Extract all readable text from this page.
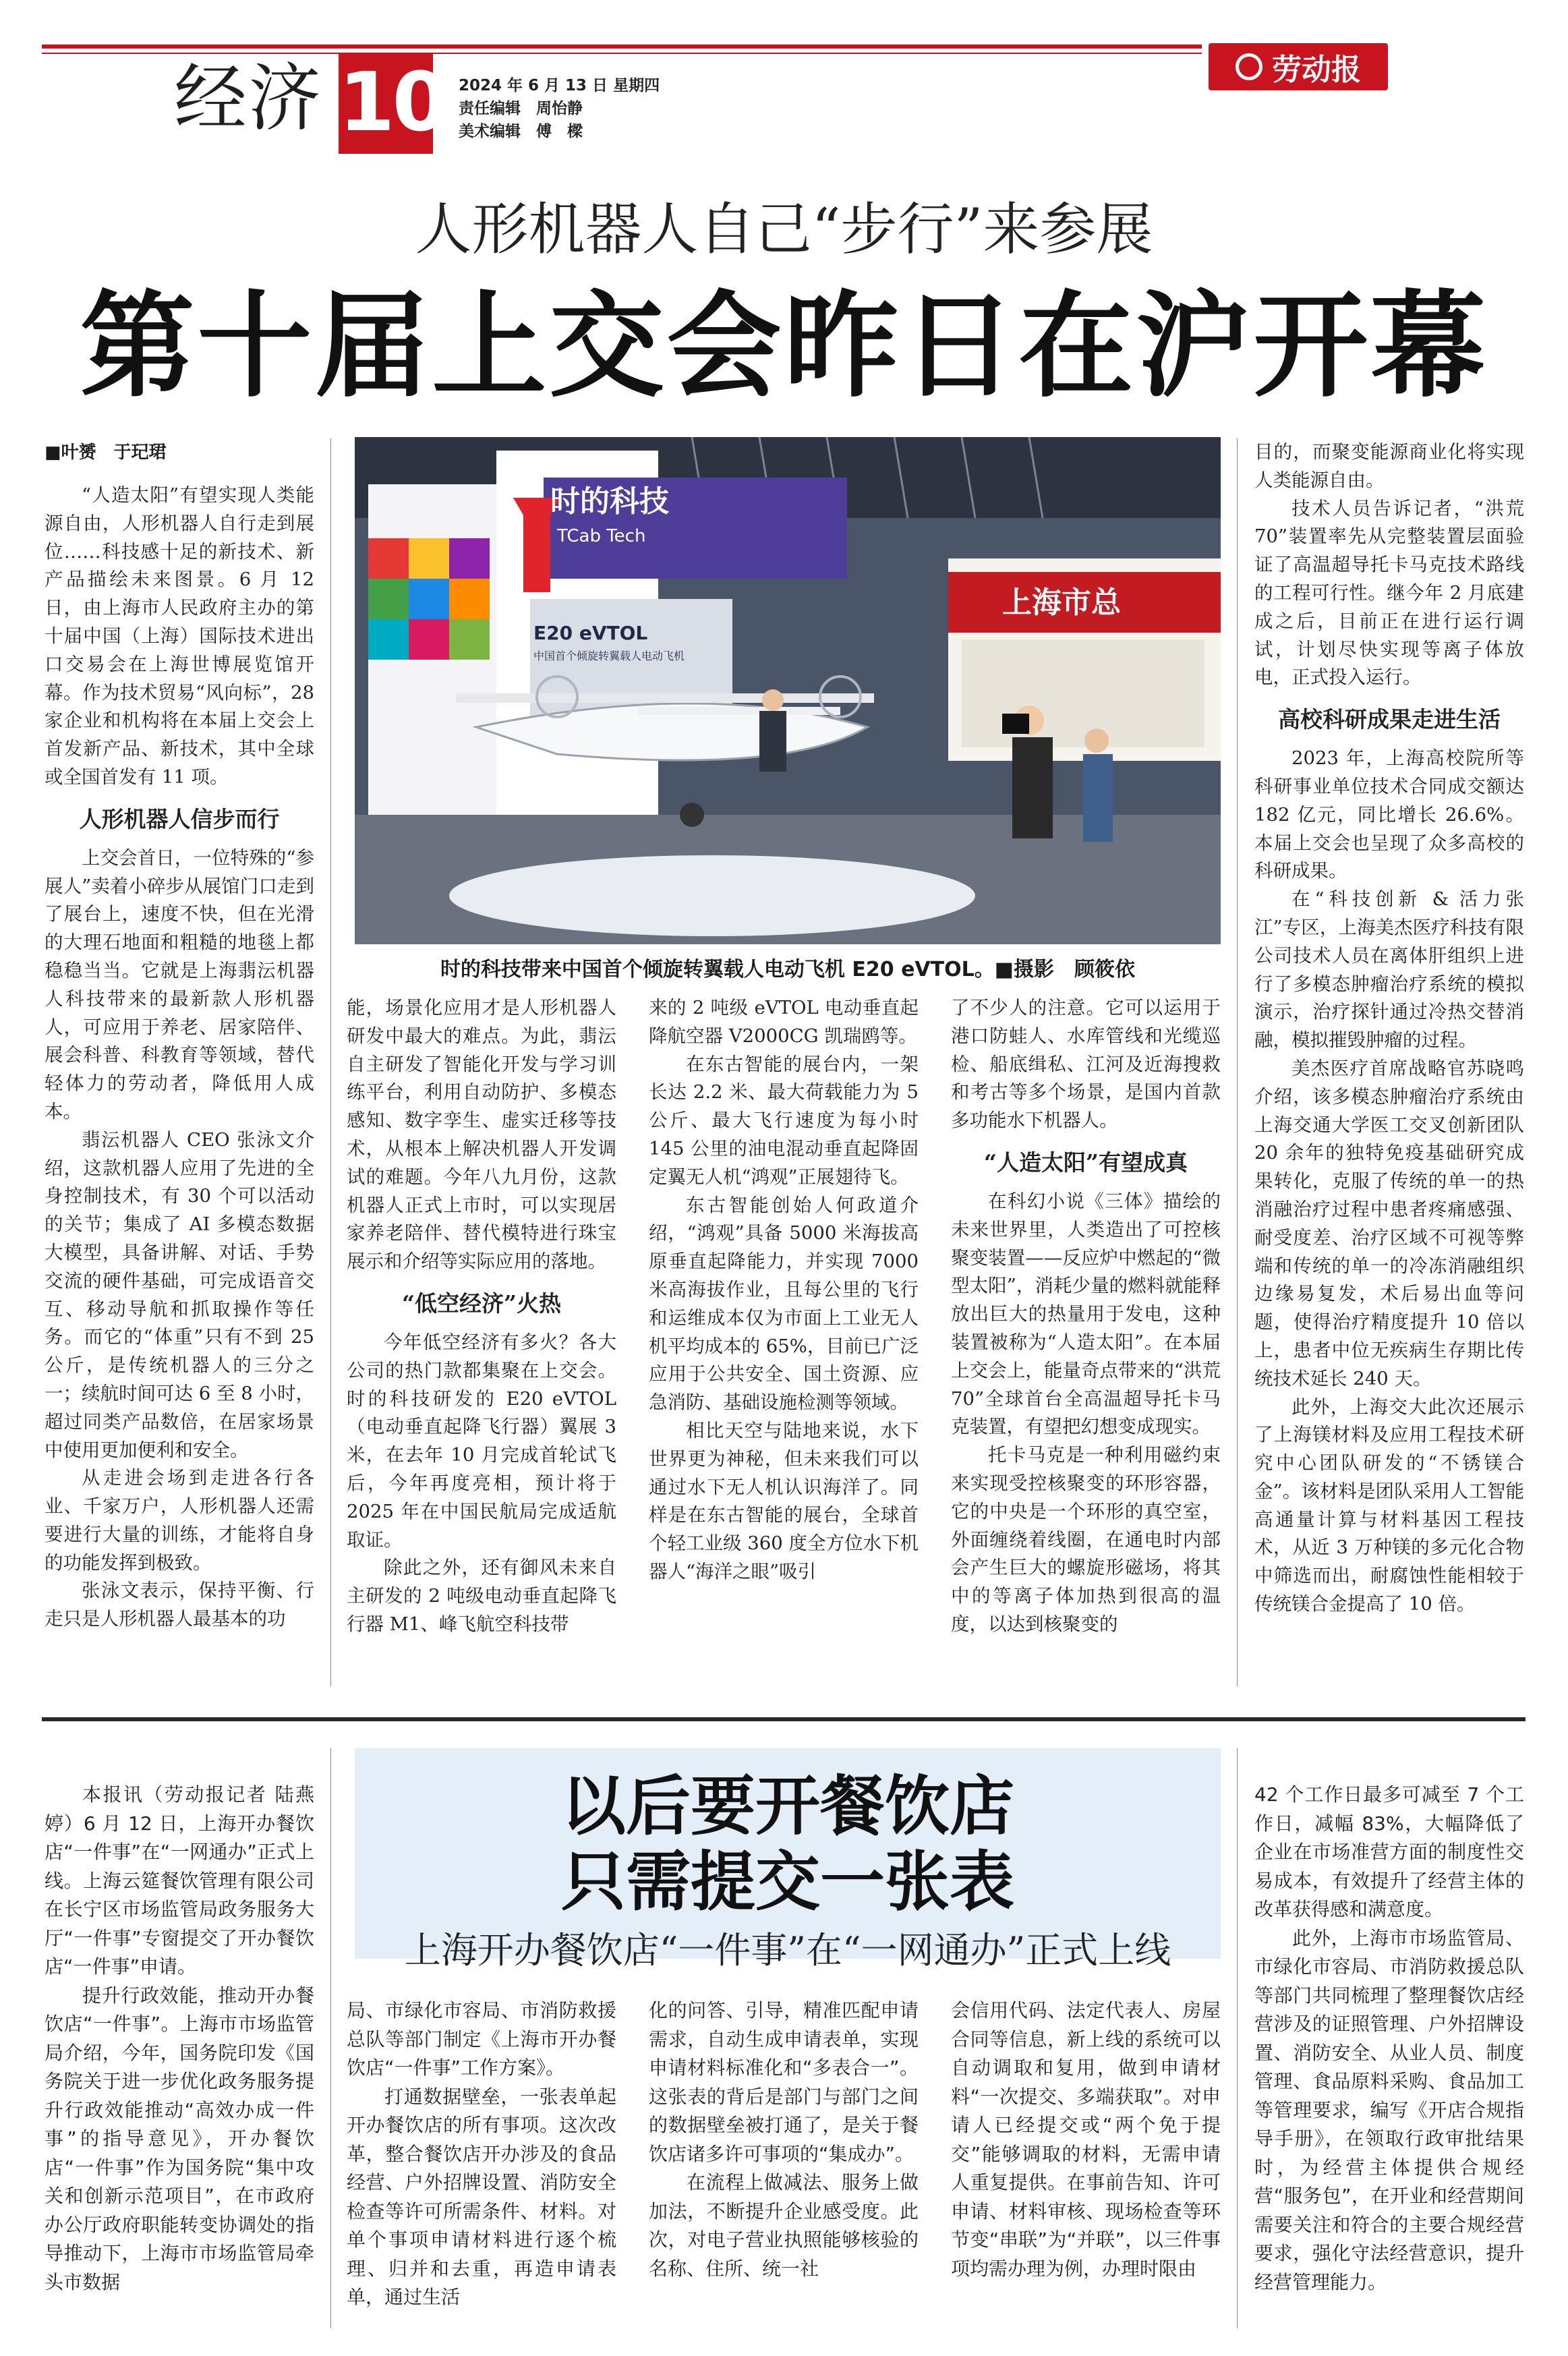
经济 10 2024 年 6 月 13 日 星期四
责任编辑　周怡静
美术编辑　傅　樑
劳动报
人形机器人自己“步行”来参展
第十届上交会昨日在沪开幕
■叶赟　于玘珺
时的科技
TCab Tech
E20 eVTOL
中国首个倾旋转翼载人电动飞机
上海市总
时的科技带来中国首个倾旋转翼载人电动飞机 E20 eVTOL。■摄影　顾筱依

“人造太阳”有望实现人类能源自由，人形机器人自行走到展位……科技感十足的新技术、新产品描绘未来图景。6 月 12 日，由上海市人民政府主办的第十届中国（上海）国际技术进出口交易会在上海世博展览馆开幕。作为技术贸易“风向标”，28 家企业和机构将在本届上交会上首发新产品、新技术，其中全球或全国首发有 11 项。

人形机器人信步而行

上交会首日，一位特殊的“参展人”卖着小碎步从展馆门口走到了展台上，速度不快，但在光滑的大理石地面和粗糙的地毯上都稳稳当当。它就是上海翡沄机器人科技带来的最新款人形机器人，可应用于养老、居家陪伴、展会科普、科教育等领域，替代轻体力的劳动者，降低用人成本。

翡沄机器人 CEO 张泳文介绍，这款机器人应用了先进的全身控制技术，有 30 个可以活动的关节；集成了 AI 多模态数据大模型，具备讲解、对话、手势交流的硬件基础，可完成语音交互、移动导航和抓取操作等任务。而它的“体重”只有不到 25 公斤，是传统机器人的三分之一；续航时间可达 6 至 8 小时，超过同类产品数倍，在居家场景中使用更加便利和安全。

从走进会场到走进各行各业、千家万户，人形机器人还需要进行大量的训练，才能将自身的功能发挥到极致。

张泳文表示，保持平衡、行走只是人形机器人最基本的功

能，场景化应用才是人形机器人研发中最大的难点。为此，翡沄自主研发了智能化开发与学习训练平台，利用自动防护、多模态感知、数字孪生、虚实迁移等技术，从根本上解决机器人开发调试的难题。今年八九月份，这款机器人正式上市时，可以实现居家养老陪伴、替代模特进行珠宝展示和介绍等实际应用的落地。

“低空经济”火热

今年低空经济有多火？各大公司的热门款都集聚在上交会。时的科技研发的 E20 eVTOL（电动垂直起降飞行器）翼展 3 米，在去年 10 月完成首轮试飞后，今年再度亮相，预计将于 2025 年在中国民航局完成适航取证。

除此之外，还有御风未来自主研发的 2 吨级电动垂直起降飞行器 M1、峰飞航空科技带

来的 2 吨级 eVTOL 电动垂直起降航空器 V2000CG 凯瑞鸥等。

在东古智能的展台内，一架长达 2.2 米、最大荷载能力为 5 公斤、最大飞行速度为每小时 145 公里的油电混动垂直起降固定翼无人机“鸿观”正展翅待飞。

东古智能创始人何政道介绍，“鸿观”具备 5000 米海拔高原垂直起降能力，并实现 7000 米高海拔作业，且每公里的飞行和运维成本仅为市面上工业无人机平均成本的 65%，目前已广泛应用于公共安全、国土资源、应急消防、基础设施检测等领域。

相比天空与陆地来说，水下世界更为神秘，但未来我们可以通过水下无人机认识海洋了。同样是在东古智能的展台，全球首个轻工业级 360 度全方位水下机器人“海洋之眼”吸引

了不少人的注意。它可以运用于港口防蛙人、水库管线和光缆巡检、船底缉私、江河及近海搜救和考古等多个场景，是国内首款多功能水下机器人。

“人造太阳”有望成真

在科幻小说《三体》描绘的未来世界里，人类造出了可控核聚变装置——反应炉中燃起的“微型太阳”，消耗少量的燃料就能释放出巨大的热量用于发电，这种装置被称为“人造太阳”。在本届上交会上，能量奇点带来的“洪荒 70”全球首台全高温超导托卡马克装置，有望把幻想变成现实。

托卡马克是一种利用磁约束来实现受控核聚变的环形容器，它的中央是一个环形的真空室，外面缠绕着线圈，在通电时内部会产生巨大的螺旋形磁场，将其中的等离子体加热到很高的温度，以达到核聚变的

目的，而聚变能源商业化将实现人类能源自由。

技术人员告诉记者，“洪荒 70”装置率先从完整装置层面验证了高温超导托卡马克技术路线的工程可行性。继今年 2 月底建成之后，目前正在进行运行调试，计划尽快实现等离子体放电，正式投入运行。

高校科研成果走进生活

2023 年，上海高校院所等科研事业单位技术合同成交额达 182 亿元，同比增长 26.6%。本届上交会也呈现了众多高校的科研成果。

在“科技创新 & 活力张江”专区，上海美杰医疗科技有限公司技术人员在离体肝组织上进行了多模态肿瘤治疗系统的模拟演示，治疗探针通过冷热交替消融，模拟摧毁肿瘤的过程。

美杰医疗首席战略官苏晓鸣介绍，该多模态肿瘤治疗系统由上海交通大学医工交叉创新团队 20 余年的独特免疫基础研究成果转化，克服了传统的单一的热消融治疗过程中患者疼痛感强、耐受度差、治疗区域不可视等弊端和传统的单一的冷冻消融组织边缘易复发，术后易出血等问题，使得治疗精度提升 10 倍以上，患者中位无疾病生存期比传统技术延长 240 天。

此外，上海交大此次还展示了上海镁材料及应用工程技术研究中心团队研发的“不锈镁合金”。该材料是团队采用人工智能高通量计算与材料基因工程技术，从近 3 万种镁的多元化合物中筛选而出，耐腐蚀性能相较于传统镁合金提高了 10 倍。

以后要开餐饮店
只需提交一张表
上海开办餐饮店“一件事”在“一网通办”正式上线

本报讯（劳动报记者 陆燕婷）6 月 12 日，上海开办餐饮店“一件事”在“一网通办”正式上线。上海云筵餐饮管理有限公司在长宁区市场监管局政务服务大厅“一件事”专窗提交了开办餐饮店“一件事”申请。

提升行政效能，推动开办餐饮店“一件事”。上海市市场监管局介绍，今年，国务院印发《国务院关于进一步优化政务服务提升行政效能推动“高效办成一件事”的指导意见》，开办餐饮店“一件事”作为国务院“集中攻关和创新示范项目”，在市政府办公厅政府职能转变协调处的指导推动下，上海市市场监管局牵头市数据

局、市绿化市容局、市消防救援总队等部门制定《上海市开办餐饮店“一件事”工作方案》。

打通数据壁垒，一张表单起开办餐饮店的所有事项。这次改革，整合餐饮店开办涉及的食品经营、户外招牌设置、消防安全检查等许可所需条件、材料。对单个事项申请材料进行逐个梳理、归并和去重，再造申请表单，通过生活

化的问答、引导，精准匹配申请需求，自动生成申请表单，实现申请材料标准化和“多表合一”。这张表的背后是部门与部门之间的数据壁垒被打通了，是关于餐饮店诸多许可事项的“集成办”。

在流程上做减法、服务上做加法，不断提升企业感受度。此次，对电子营业执照能够核验的名称、住所、统一社

会信用代码、法定代表人、房屋合同等信息，新上线的系统可以自动调取和复用，做到申请材料“一次提交、多端获取”。对申请人已经提交或“两个免于提交”能够调取的材料，无需申请人重复提供。在事前告知、许可申请、材料审核、现场检查等环节变“串联”为“并联”，以三件事项均需办理为例，办理时限由

42 个工作日最多可减至 7 个工作日，减幅 83%，大幅降低了企业在市场准营方面的制度性交易成本，有效提升了经营主体的改革获得感和满意度。

此外，上海市市场监管局、市绿化市容局、市消防救援总队等部门共同梳理了整理餐饮店经营涉及的证照管理、户外招牌设置、消防安全、从业人员、制度管理、食品原料采购、食品加工等管理要求，编写《开店合规指导手册》，在领取行政审批结果时，为经营主体提供合规经营“服务包”，在开业和经营期间需要关注和符合的主要合规经营要求，强化守法经营意识，提升经营管理能力。
